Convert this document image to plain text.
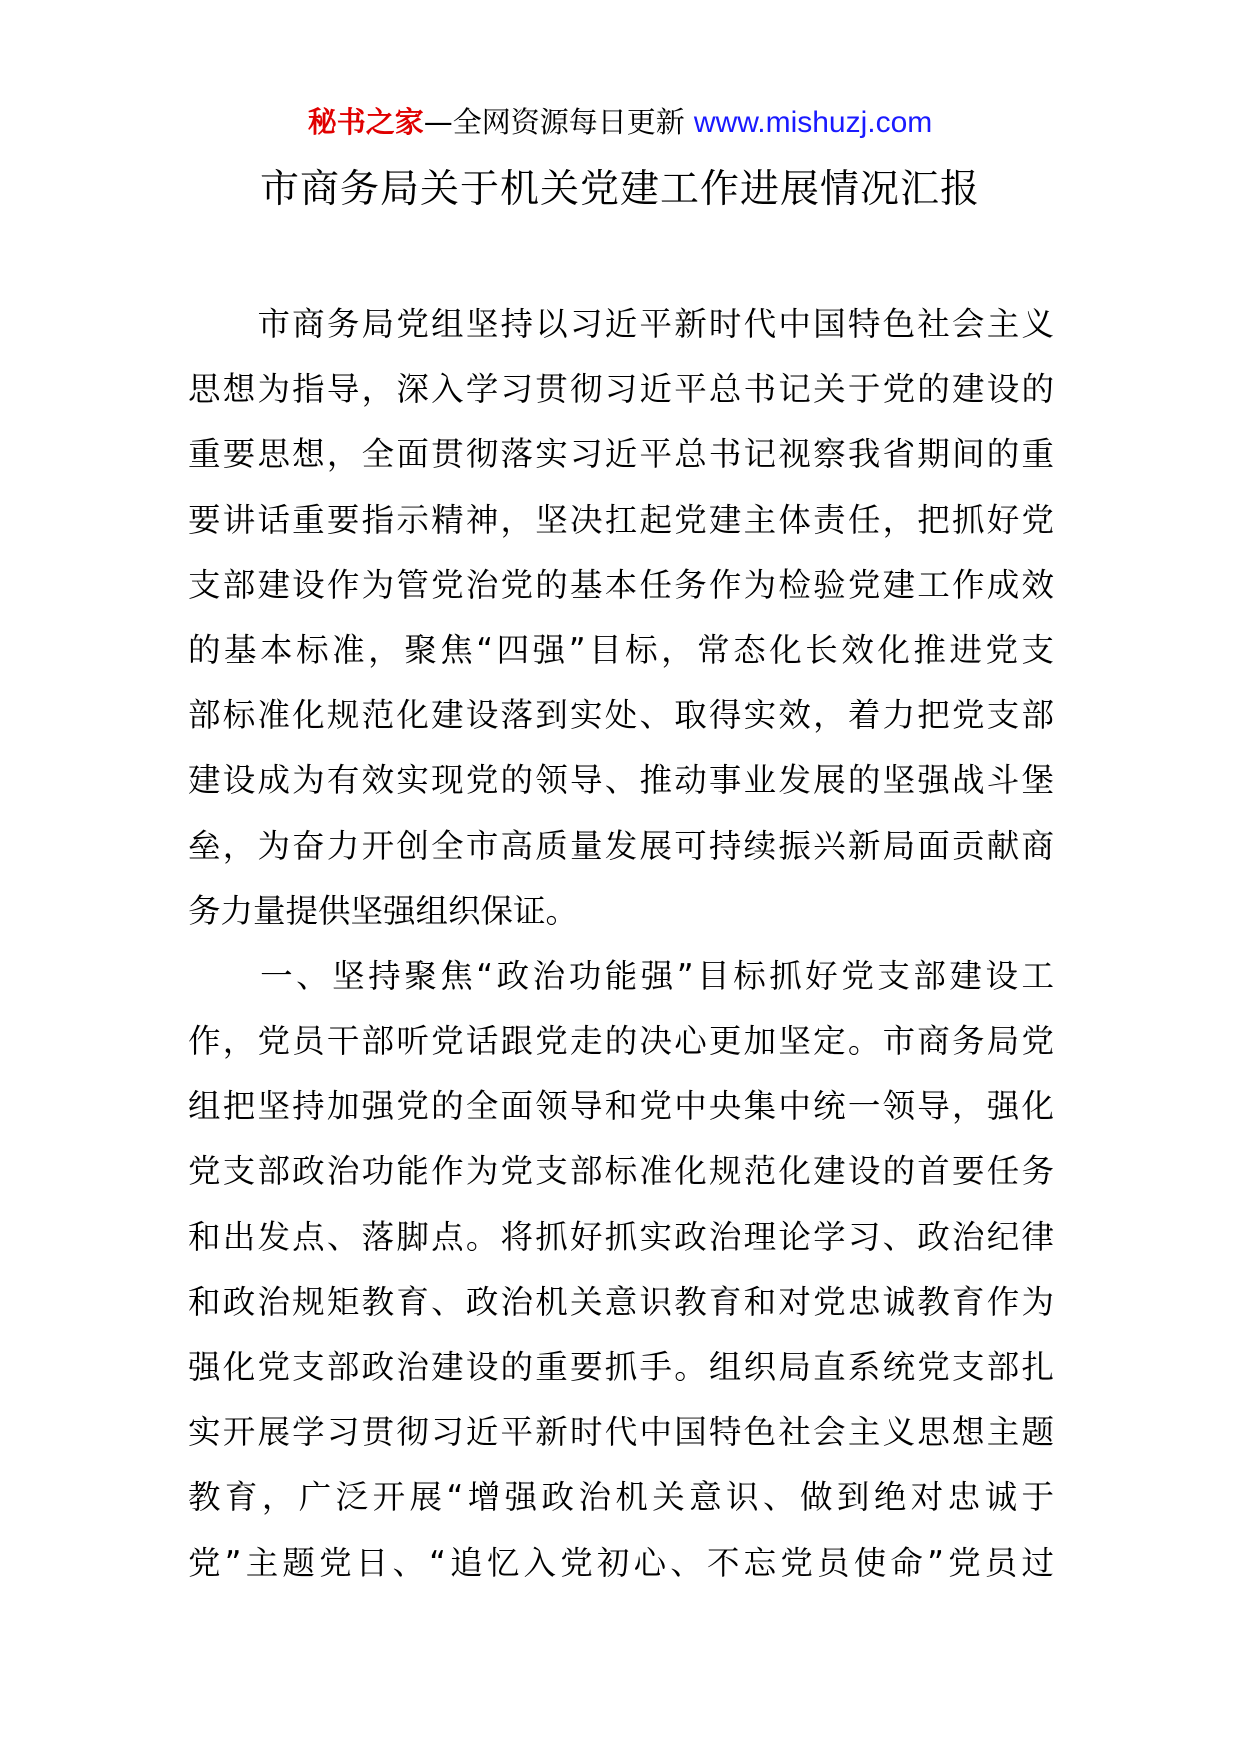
秘书之家—全网资源每日更新 www.mishuzj.com
市商务局关于机关党建工作进展情况汇报
　　市商务局党组坚持以习近平新时代中国特色社会主义
思想为指导，深入学习贯彻习近平总书记关于党的建设的
重要思想，全面贯彻落实习近平总书记视察我省期间的重
要讲话重要指示精神，坚决扛起党建主体责任，把抓好党
支部建设作为管党治党的基本任务作为检验党建工作成效
的基本标准，聚焦“四强”目标，常态化长效化推进党支
部标准化规范化建设落到实处、取得实效，着力把党支部
建设成为有效实现党的领导、推动事业发展的坚强战斗堡
垒，为奋力开创全市高质量发展可持续振兴新局面贡献商
务力量提供坚强组织保证。
　　一、坚持聚焦“政治功能强”目标抓好党支部建设工
作，党员干部听党话跟党走的决心更加坚定。市商务局党
组把坚持加强党的全面领导和党中央集中统一领导，强化
党支部政治功能作为党支部标准化规范化建设的首要任务
和出发点、落脚点。将抓好抓实政治理论学习、政治纪律
和政治规矩教育、政治机关意识教育和对党忠诚教育作为
强化党支部政治建设的重要抓手。组织局直系统党支部扎
实开展学习贯彻习近平新时代中国特色社会主义思想主题
教育，广泛开展“增强政治机关意识、做到绝对忠诚于
党”主题党日、“追忆入党初心、不忘党员使命”党员过
